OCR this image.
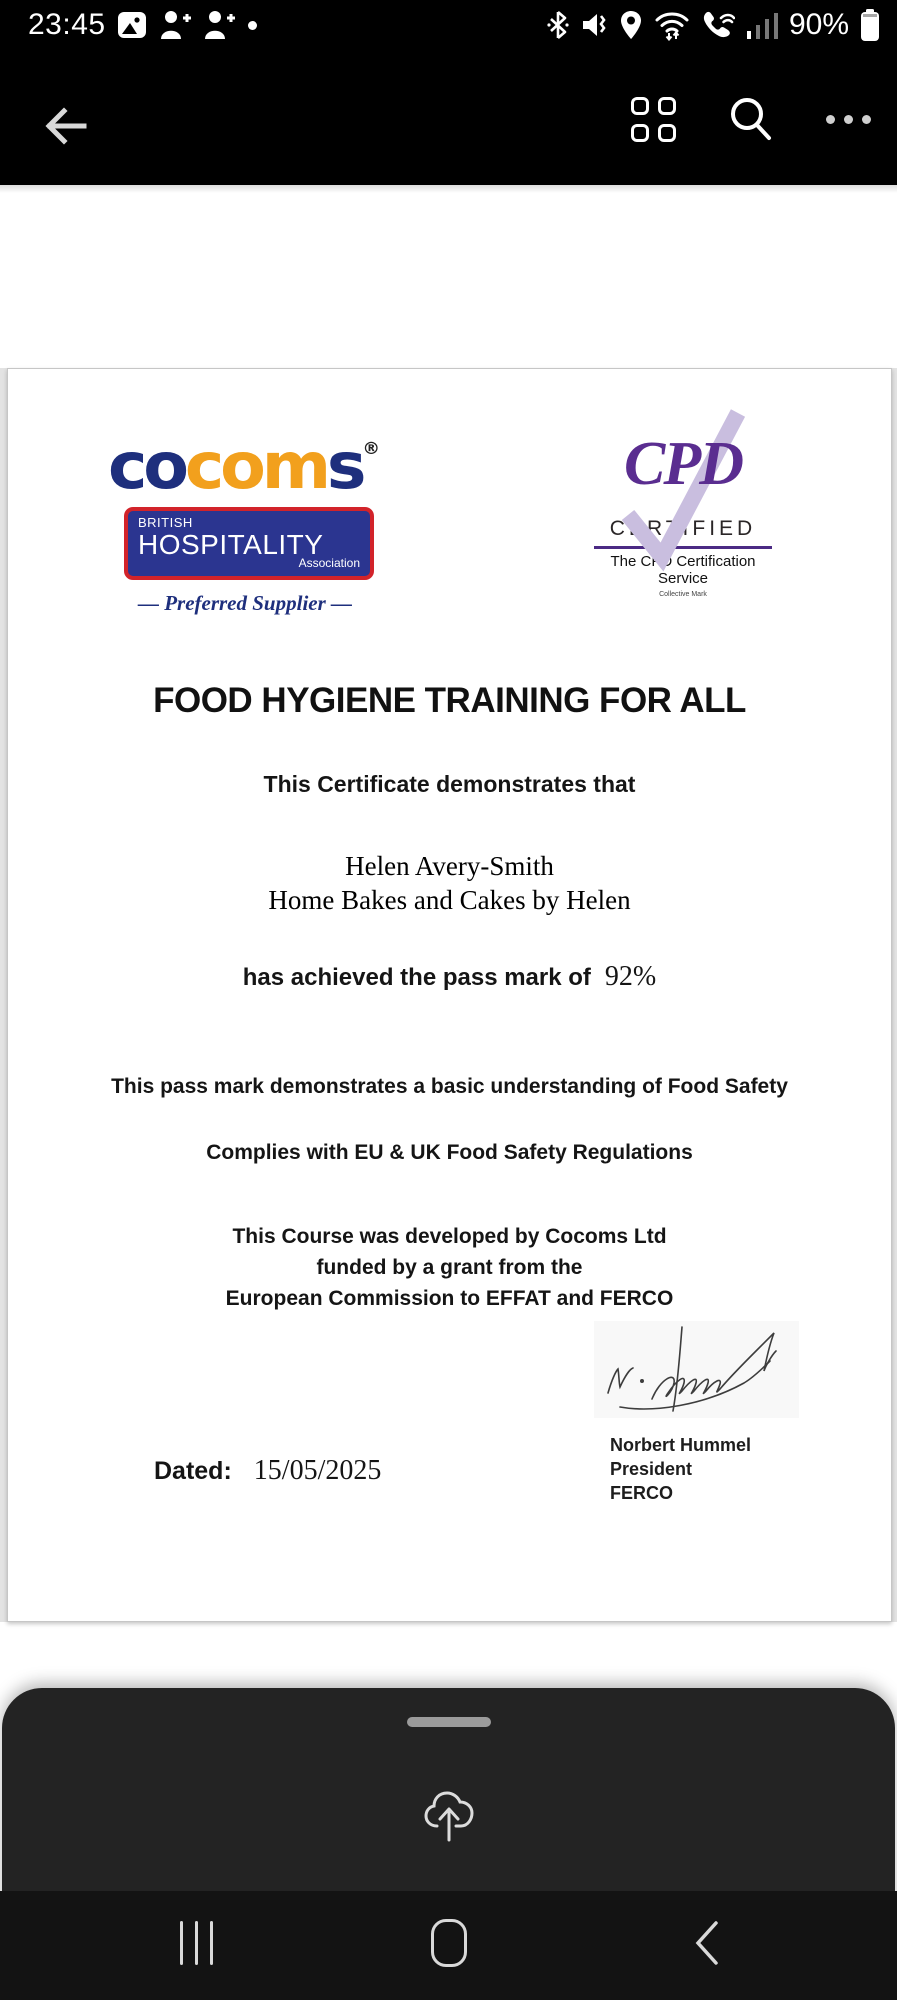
23:45	90%
cocoms®
BRITISH
HOSPITALITY
Association
— Preferred Supplier —
CPD
CERTIFIED
The CPD Certification
Service
Collective Mark
FOOD HYGIENE TRAINING FOR ALL
This Certificate demonstrates that
Helen Avery-Smith
Home Bakes and Cakes by Helen
has achieved the pass mark of 92%
This pass mark demonstrates a basic understanding of Food Safety
Complies with EU & UK Food Safety Regulations
This Course was developed by Cocoms Ltd
funded by a grant from the
European Commission to EFFAT and FERCO
Norbert Hummel
President
FERCO
Dated: 15/05/2025
